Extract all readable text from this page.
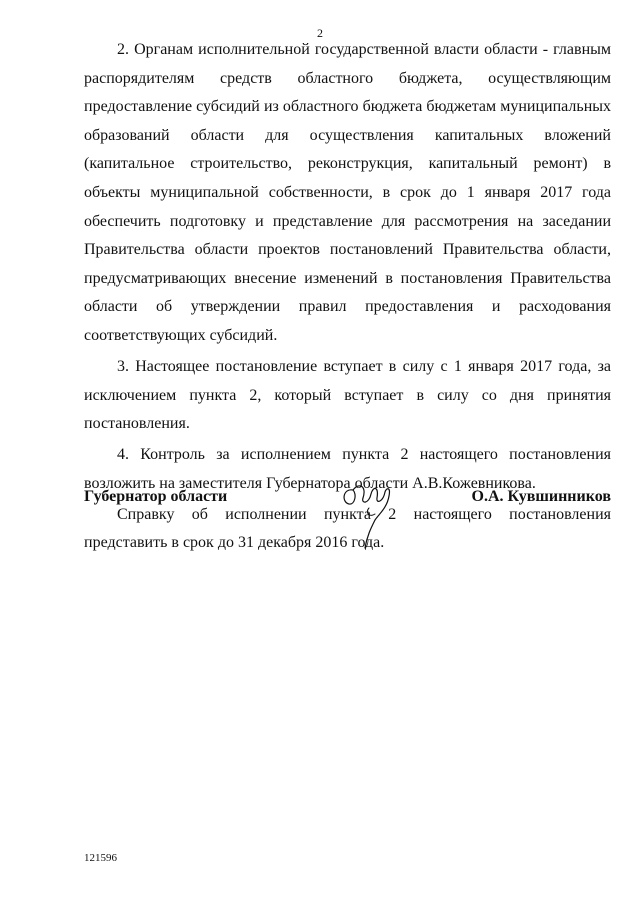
2

2. Органам исполнительной государственной власти области - главным распорядителям средств областного бюджета, осуществляющим предоставление субсидий из областного бюджета бюджетам муниципальных образований области для осуществления капитальных вложений (капитальное строительство, реконструкция, капитальный ремонт) в объекты муниципальной собственности, в срок до 1 января 2017 года обеспечить подготовку и представление для рассмотрения на заседании Правительства области проектов постановлений Правительства области, предусматривающих внесение изменений в постановления Правительства области об утверждении правил предоставления и расходования соответствующих субсидий.

3. Настоящее постановление вступает в силу с 1 января 2017 года, за исключением пункта 2, который вступает в силу со дня принятия постановления.

4. Контроль за исполнением пункта 2 настоящего постановления возложить на заместителя Губернатора области А.В.Кожевникова.

Справку об исполнении пункта 2 настоящего постановления представить в срок до 31 декабря 2016 года.

Губернатор области	О.А. Кувшинников
121596
